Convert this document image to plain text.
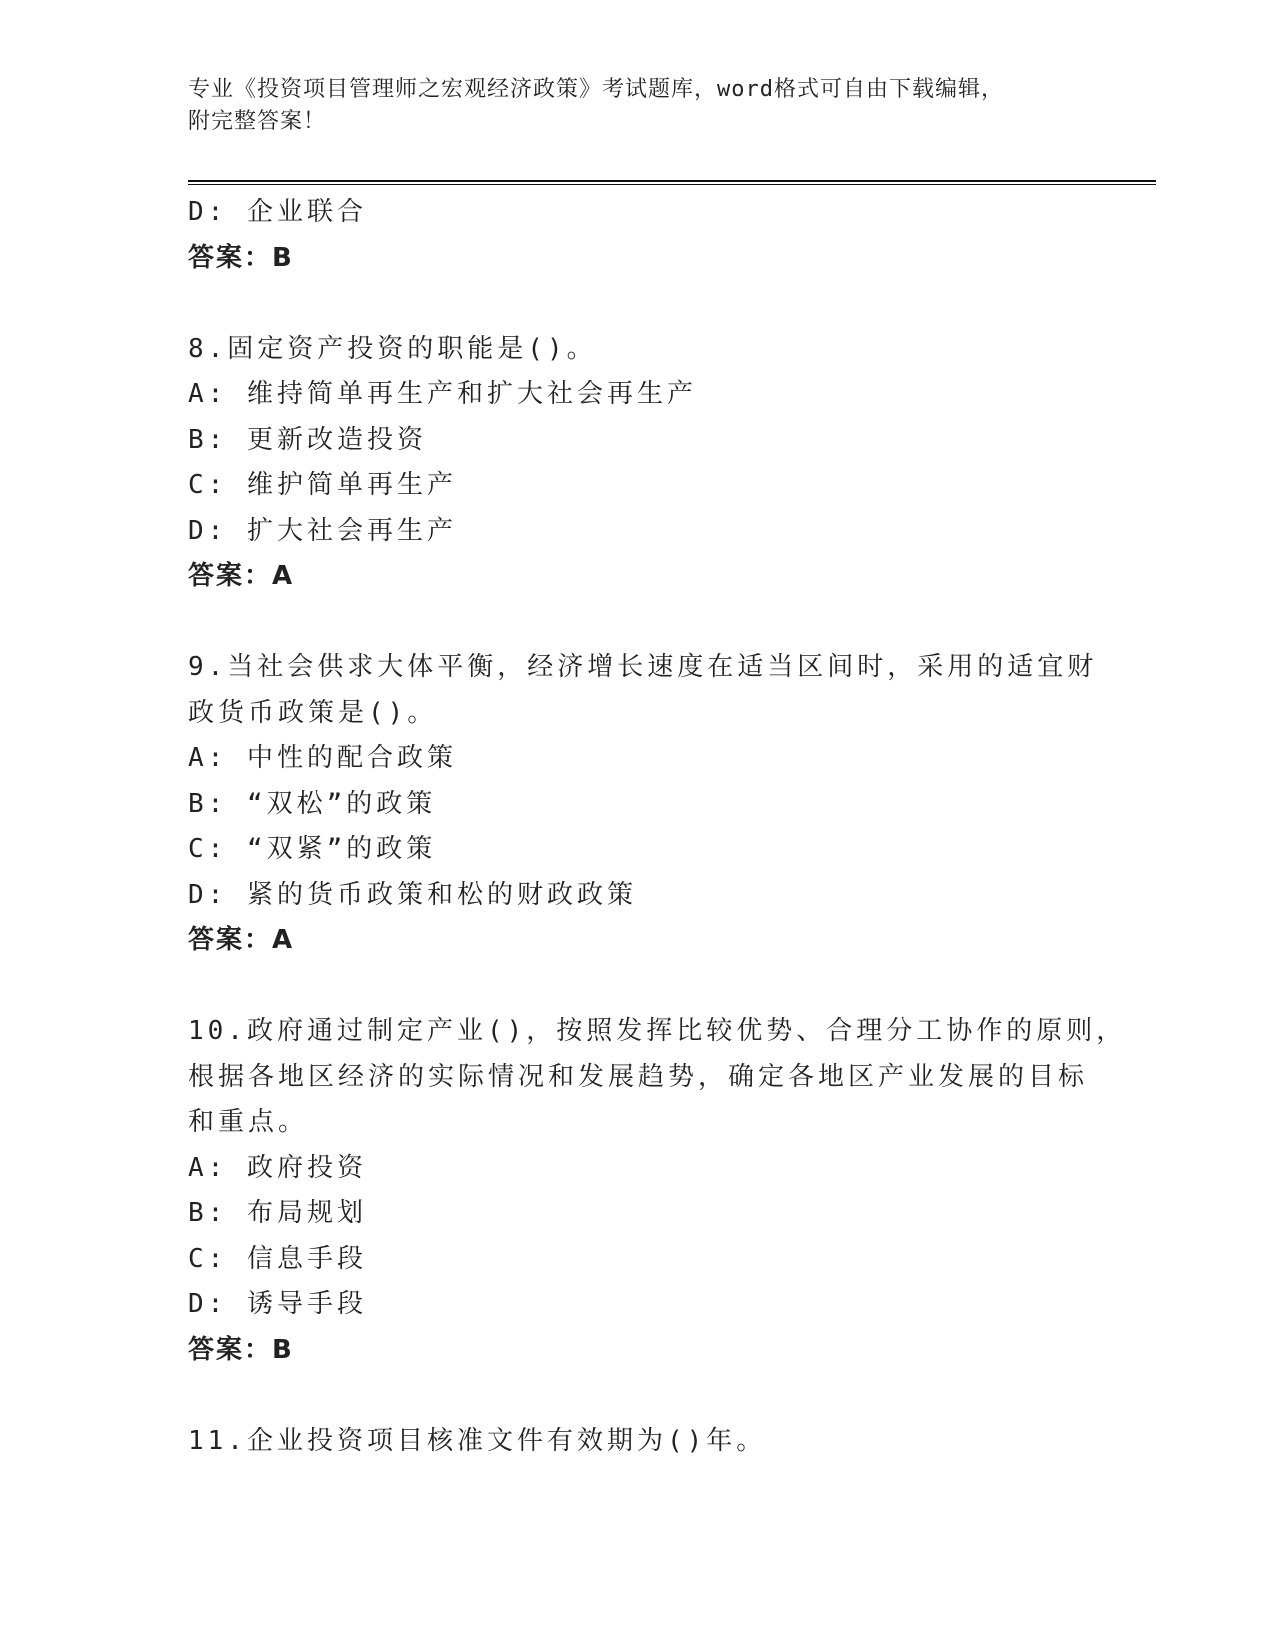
专业《投资项目管理师之宏观经济政策》考试题库，word格式可自由下载编辑，
附完整答案！
D: 企业联合
答案：B
8.固定资产投资的职能是()。
A: 维持简单再生产和扩大社会再生产
B: 更新改造投资
C: 维护简单再生产
D: 扩大社会再生产
答案：A
9.当社会供求大体平衡，经济增长速度在适当区间时，采用的适宜财
政货币政策是()。
A: 中性的配合政策
B: “双松”的政策
C: “双紧”的政策
D: 紧的货币政策和松的财政政策
答案：A
10.政府通过制定产业()，按照发挥比较优势、合理分工协作的原则，
根据各地区经济的实际情况和发展趋势，确定各地区产业发展的目标
和重点。
A: 政府投资
B: 布局规划
C: 信息手段
D: 诱导手段
答案：B
11.企业投资项目核准文件有效期为()年。
